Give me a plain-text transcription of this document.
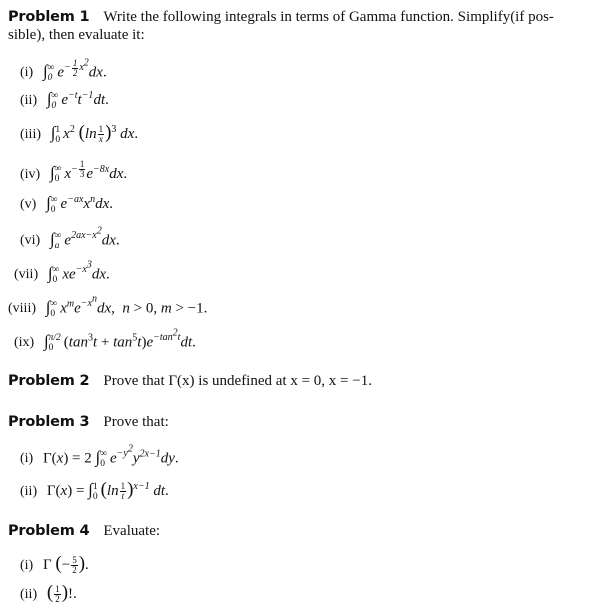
Problem 1 Write the following integrals in terms of Gamma function. Simplify(if pos-
sible), then evaluate it:
(i) ∫ ∞
0 $e^{- \frac{1}{2} x^2}dx$.
(ii) ∫ ∞
0 $e^{-t}t^{-1}dt$.
(iii) ∫ 1
0 $x^2$ $(\ln \frac{1}{x} )^3$ dx.
(iv) ∫ ∞
0 $x^{- \frac{1}{3}}$ $e^{-8x}dx$.
(v) ∫ ∞
0 $e^{-ax}x^ndx$.
(vi) ∫ ∞
a $e^{2ax-x^2}dx$.
(vii) ∫ ∞
0 $xe^{-x^3}dx$.
(viii) ∫ ∞
0 $x^me^{-x^n}dx$,  n > 0, m > −1.
(ix) ∫ π/2
0 $(\tan^3t + \tan^5t)e^{-tan^2t}dt$.
Problem 2 Prove that Γ(x) is undefined at x = 0, x = −1.
Problem 3 Prove that:
(i) Γ(x) = 2 ∫ ∞
0 $e^{-y^2}y^{2x-1}dy$.
(ii) Γ(x) = ∫ 1
0 $(\ln \frac{1}{t} )^{x-1}$ dt.
Problem 4 Evaluate:
(i) Γ (− $\frac{5}{2}$ ).
(ii) ( $\frac{1}{2}$ )!.
